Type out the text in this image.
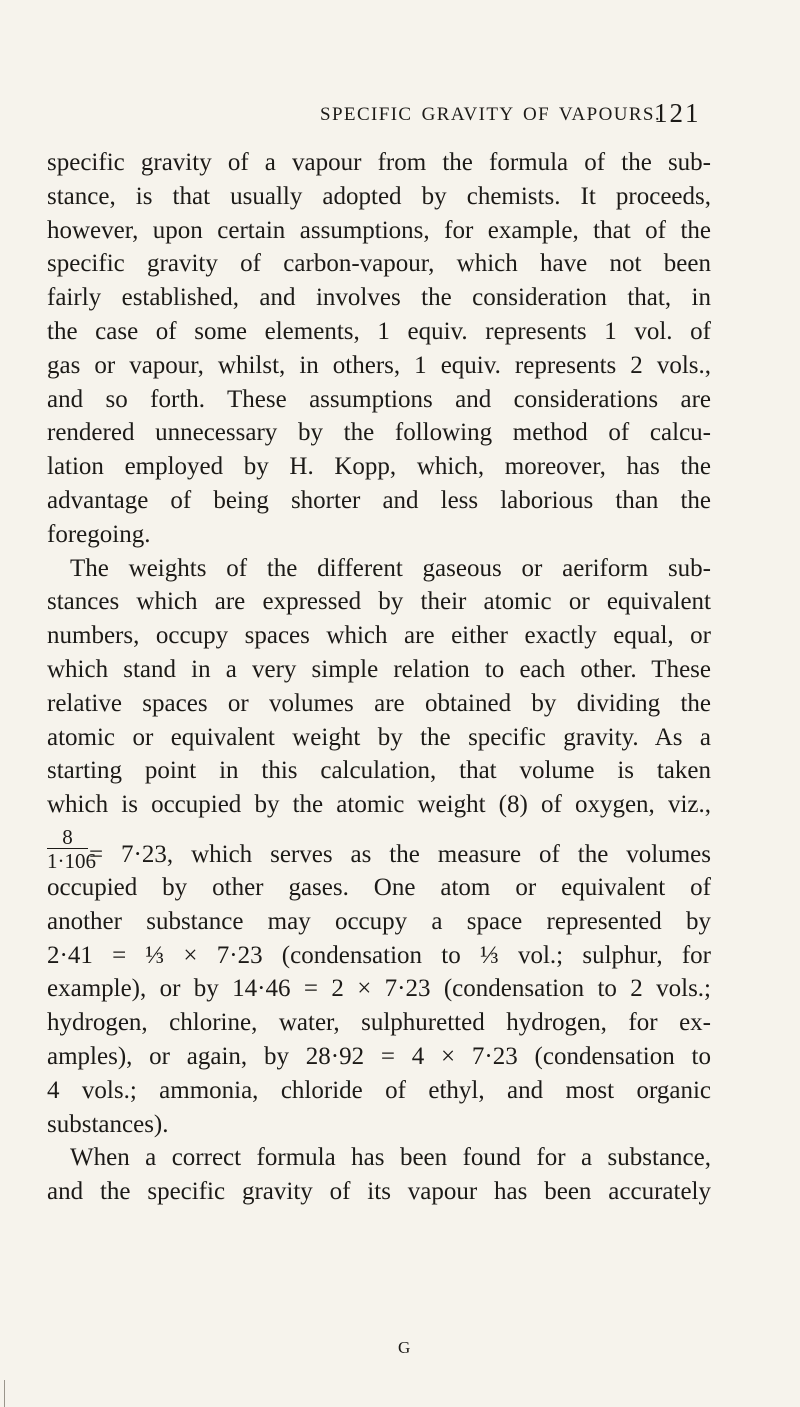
SPECIFIC GRAVITY OF VAPOURS.
121
specific gravity of a vapour from the formula of the sub-
stance, is that usually adopted by chemists. It proceeds,
however, upon certain assumptions, for example, that of the
specific gravity of carbon-vapour, which have not been
fairly established, and involves the consideration that, in
the case of some elements, 1 equiv. represents 1 vol. of
gas or vapour, whilst, in others, 1 equiv. represents 2 vols.,
and so forth. These assumptions and considerations are
rendered unnecessary by the following method of calcu-
lation employed by H. Kopp, which, moreover, has the
advantage of being shorter and less laborious than the
foregoing.
The weights of the different gaseous or aeriform sub-
stances which are expressed by their atomic or equivalent
numbers, occupy spaces which are either exactly equal, or
which stand in a very simple relation to each other. These
relative spaces or volumes are obtained by dividing the
atomic or equivalent weight by the specific gravity. As a
starting point in this calculation, that volume is taken
which is occupied by the atomic weight (8) of oxygen, viz.,
8
1·106
= 7·23, which serves as the measure of the volumes
occupied by other gases. One atom or equivalent of
another substance may occupy a space represented by
2·41 = ⅓ × 7·23 (condensation to ⅓ vol.; sulphur, for
example), or by 14·46 = 2 × 7·23 (condensation to 2 vols.;
hydrogen, chlorine, water, sulphuretted hydrogen, for ex-
amples), or again, by 28·92 = 4 × 7·23 (condensation to
4 vols.; ammonia, chloride of ethyl, and most organic
substances).
When a correct formula has been found for a substance,
and the specific gravity of its vapour has been accurately
G
